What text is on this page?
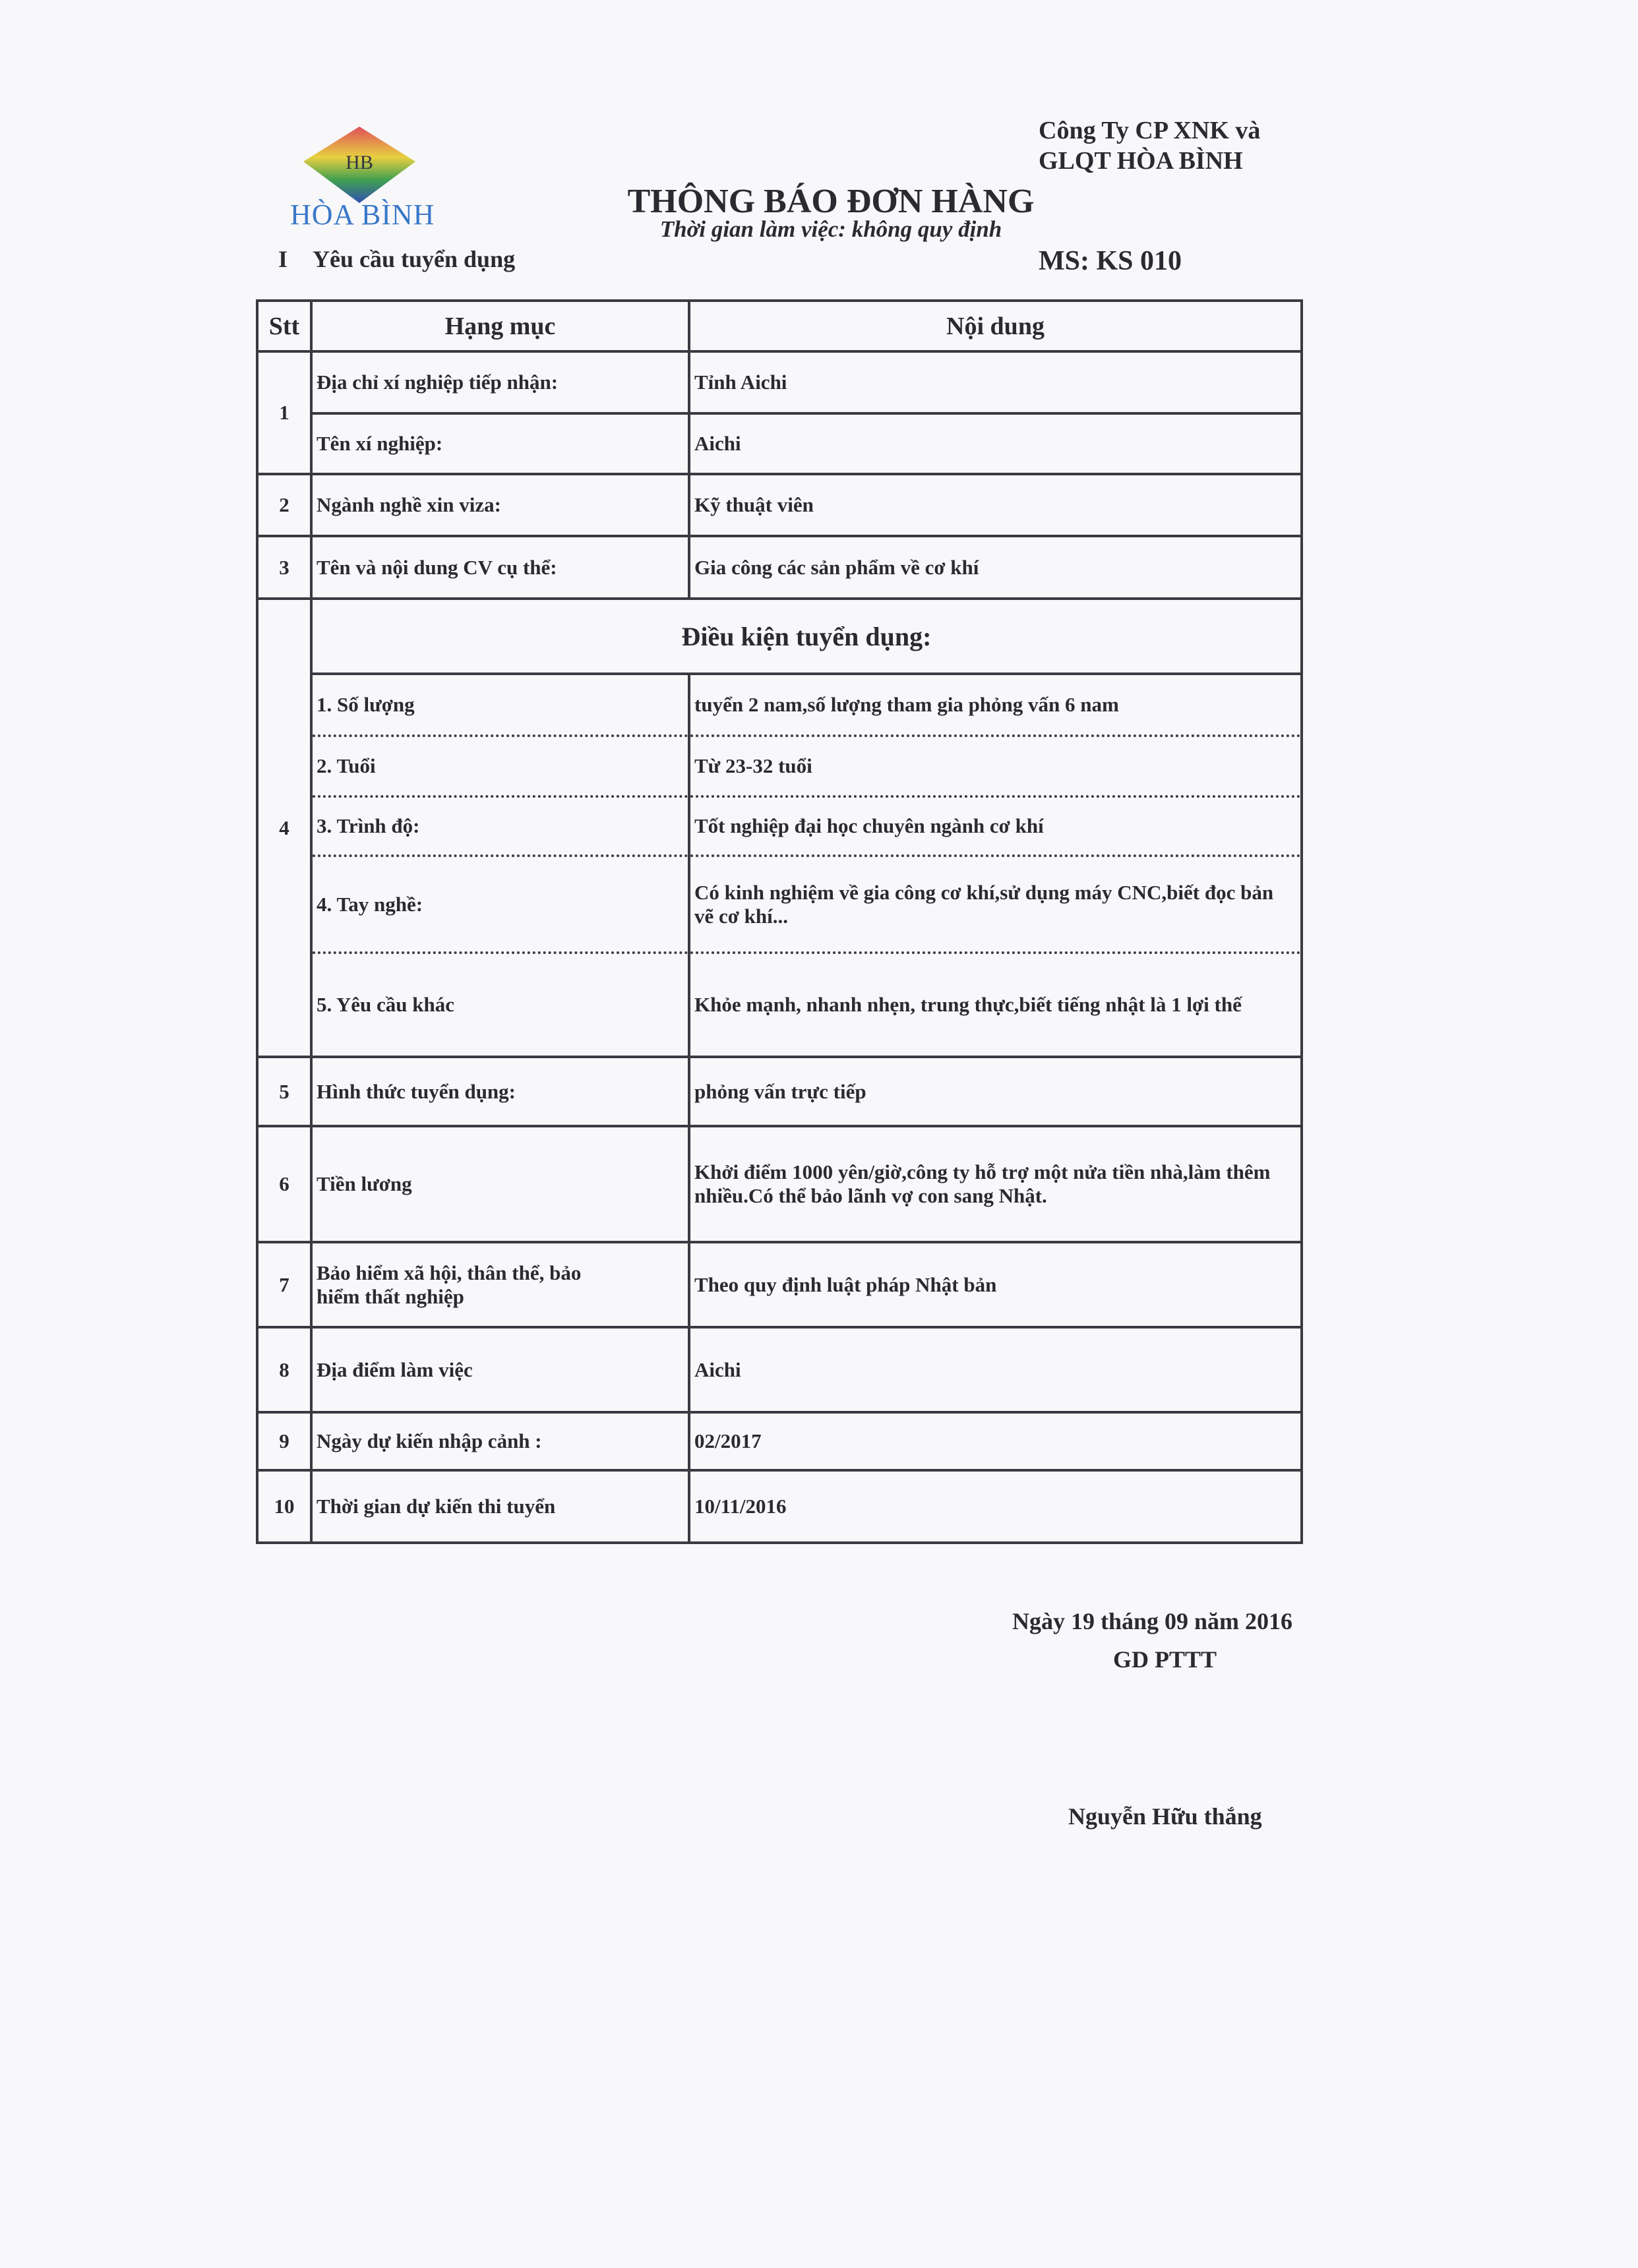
HB
HÒA BÌNH
Công Ty CP XNK và
GLQT HÒA BÌNH
THÔNG BÁO ĐƠN HÀNG
Thời gian làm việc: không quy định
I Yêu cầu tuyển dụng	MS: KS 010
Stt	Hạng mục	Nội dung
1	Địa chỉ xí nghiệp tiếp nhận:	Tỉnh Aichi
	Tên xí nghiệp:	Aichi
2	Ngành nghề xin viza:	Kỹ thuật viên
3	Tên và nội dung CV cụ thể:	Gia công các sản phẩm về cơ khí
4	Điều kiện tuyển dụng:	
	1. Số lượng	tuyển 2 nam,số lượng tham gia phỏng vấn 6 nam
	2. Tuổi	Từ 23-32 tuổi
	3. Trình độ:	Tốt nghiệp đại học chuyên ngành cơ khí
	4. Tay nghề:	Có kinh nghiệm về gia công cơ khí,sử dụng máy CNC,biết đọc bản vẽ cơ khí...
	5. Yêu cầu khác	Khỏe mạnh, nhanh nhẹn, trung thực,biết tiếng nhật là 1 lợi thế
5	Hình thức tuyển dụng:	phỏng vấn trực tiếp
6	Tiền lương	Khởi điểm 1000 yên/giờ,công ty hỗ trợ một nửa tiền nhà,làm thêm nhiều.Có thể bảo lãnh vợ con sang Nhật.
7	Bảo hiểm xã hội, thân thể, bảo hiểm thất nghiệp	Theo quy định luật pháp Nhật bản
8	Địa điểm làm việc	Aichi
9	Ngày dự kiến nhập cảnh :	02/2017
10	Thời gian dự kiến thi tuyển	10/11/2016
Ngày 19 tháng 09 năm 2016
GD PTTT
Nguyễn Hữu thắng
